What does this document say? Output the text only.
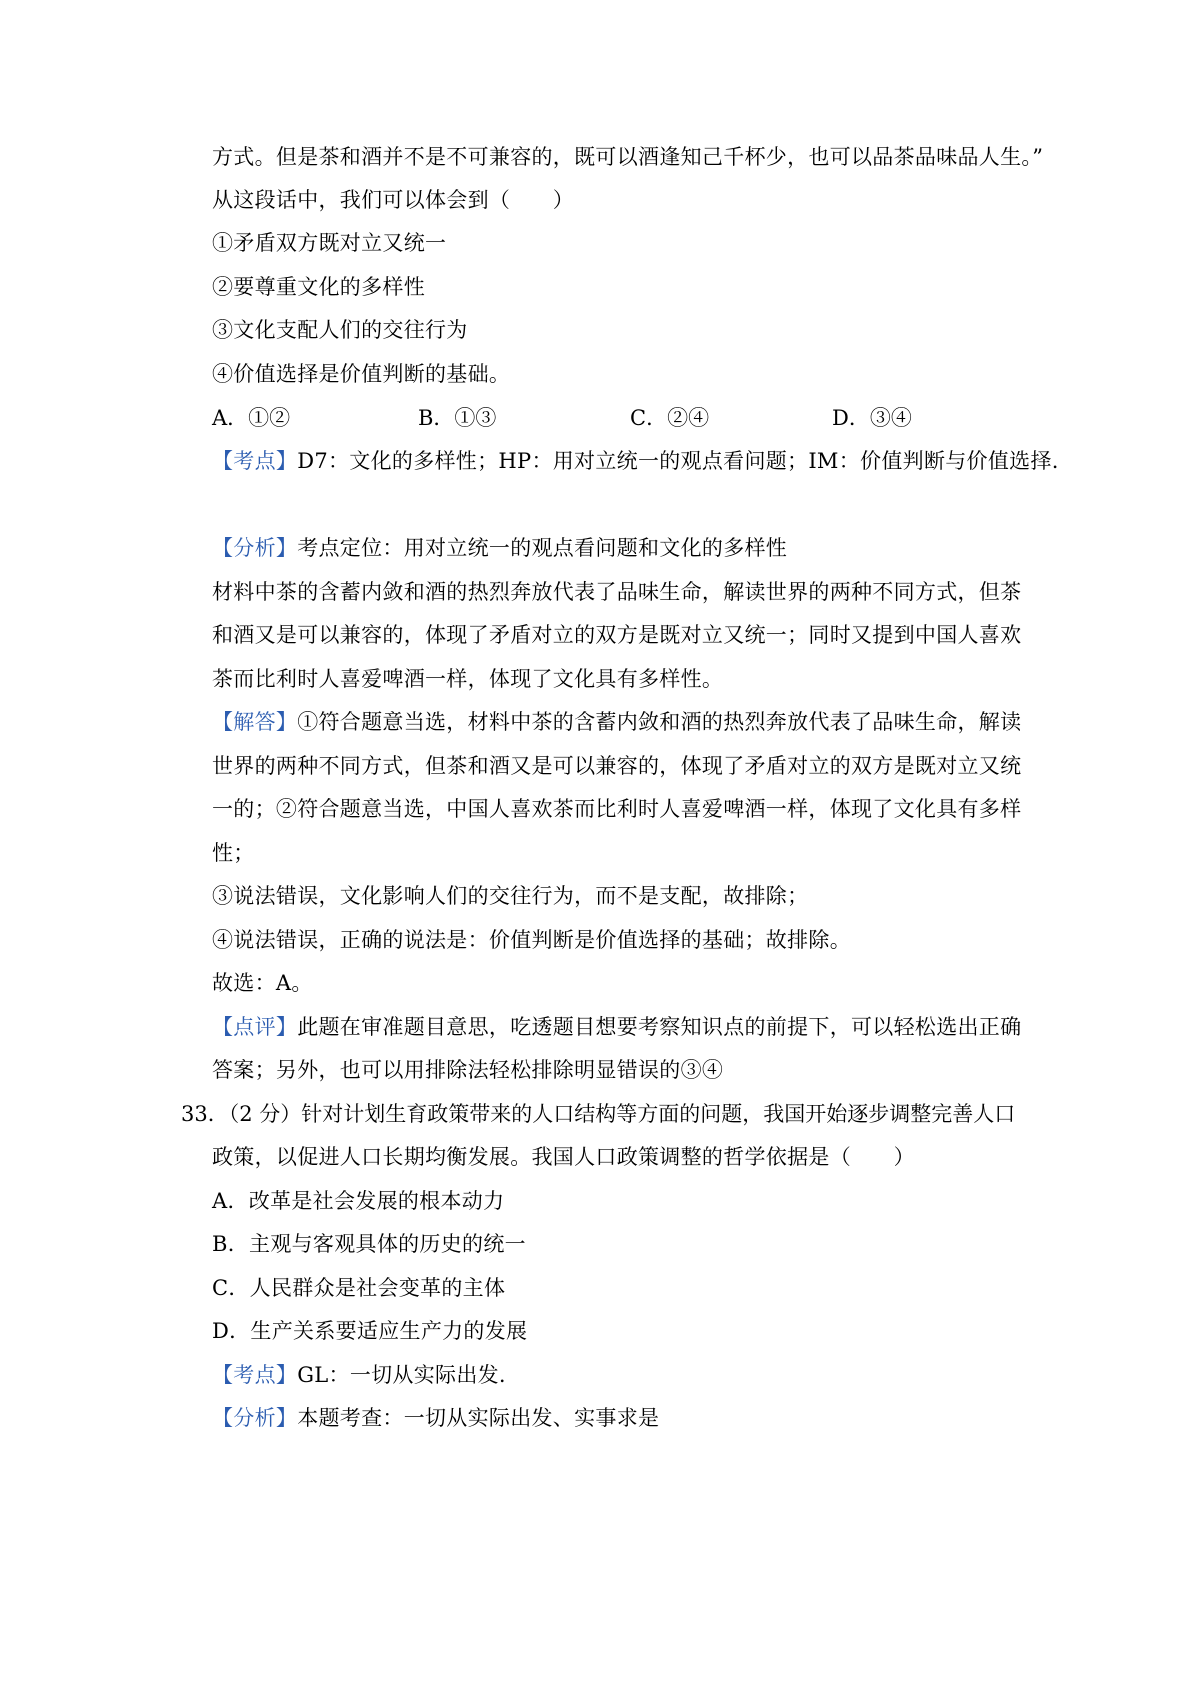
方式。但是茶和酒并不是不可兼容的，既可以酒逢知己千杯少，也可以品茶品味品人生。”
从这段话中，我们可以体会到（　　）
①矛盾双方既对立又统一
②要尊重文化的多样性
③文化支配人们的交往行为
④价值选择是价值判断的基础。
A．①②	B．①③	C．②④	D．③④
【考点】D7：文化的多样性；HP：用对立统一的观点看问题；IM：价值判断与价值选择.
【分析】考点定位：用对立统一的观点看问题和文化的多样性
材料中茶的含蓄内敛和酒的热烈奔放代表了品味生命，解读世界的两种不同方式，但茶
和酒又是可以兼容的，体现了矛盾对立的双方是既对立又统一；同时又提到中国人喜欢
茶而比利时人喜爱啤酒一样，体现了文化具有多样性。
【解答】①符合题意当选，材料中茶的含蓄内敛和酒的热烈奔放代表了品味生命，解读
世界的两种不同方式，但茶和酒又是可以兼容的，体现了矛盾对立的双方是既对立又统
一的；②符合题意当选，中国人喜欢茶而比利时人喜爱啤酒一样，体现了文化具有多样
性；
③说法错误，文化影响人们的交往行为，而不是支配，故排除；
④说法错误，正确的说法是：价值判断是价值选择的基础；故排除。
故选：A。
【点评】此题在审准题目意思，吃透题目想要考察知识点的前提下，可以轻松选出正确
答案；另外，也可以用排除法轻松排除明显错误的③④
33．（2 分）针对计划生育政策带来的人口结构等方面的问题，我国开始逐步调整完善人口
政策，以促进人口长期均衡发展。我国人口政策调整的哲学依据是（　　）
A．改革是社会发展的根本动力
B．主观与客观具体的历史的统一
C．人民群众是社会变革的主体
D．生产关系要适应生产力的发展
【考点】GL：一切从实际出发.
【分析】本题考查：一切从实际出发、实事求是
